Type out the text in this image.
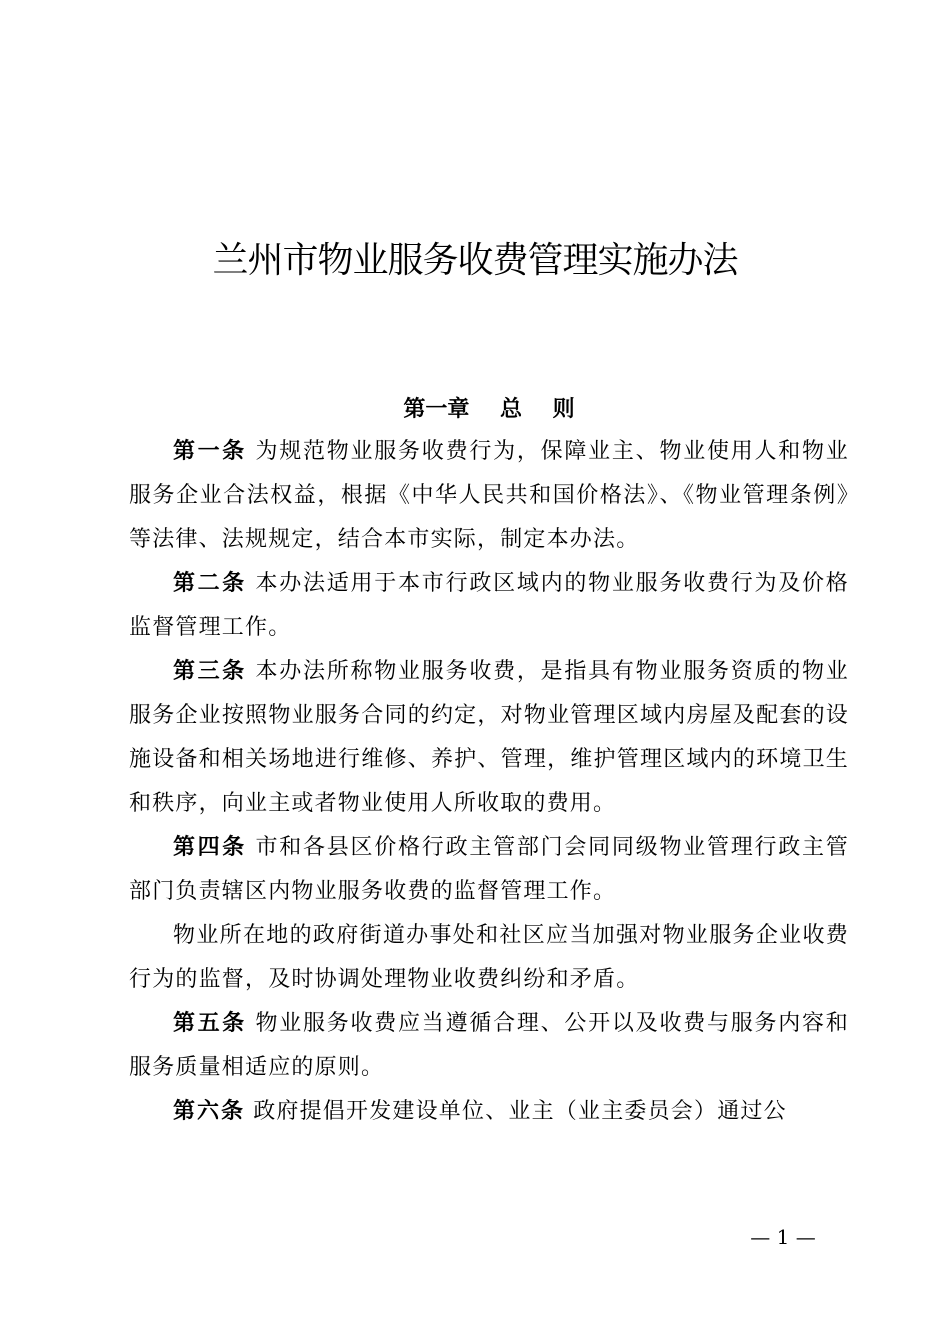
兰州市物业服务收费管理实施办法
第一章    总    则

第一条 为规范物业服务收费行为，保障业主、物业使用人和物业服务企业合法权益，根据《中华人民共和国价格法》、《物业管理条例》等法律、法规规定，结合本市实际，制定本办法。

第二条 本办法适用于本市行政区域内的物业服务收费行为及价格监督管理工作。

第三条 本办法所称物业服务收费，是指具有物业服务资质的物业服务企业按照物业服务合同的约定，对物业管理区域内房屋及配套的设施设备和相关场地进行维修、养护、管理，维护管理区域内的环境卫生和秩序，向业主或者物业使用人所收取的费用。

第四条 市和各县区价格行政主管部门会同同级物业管理行政主管部门负责辖区内物业服务收费的监督管理工作。

物业所在地的政府街道办事处和社区应当加强对物业服务企业收费行为的监督，及时协调处理物业收费纠纷和矛盾。

第五条 物业服务收费应当遵循合理、公开以及收费与服务内容和服务质量相适应的原则。

第六条 政府提倡开发建设单位、业主（业主委员会）通过公

— 1 —
